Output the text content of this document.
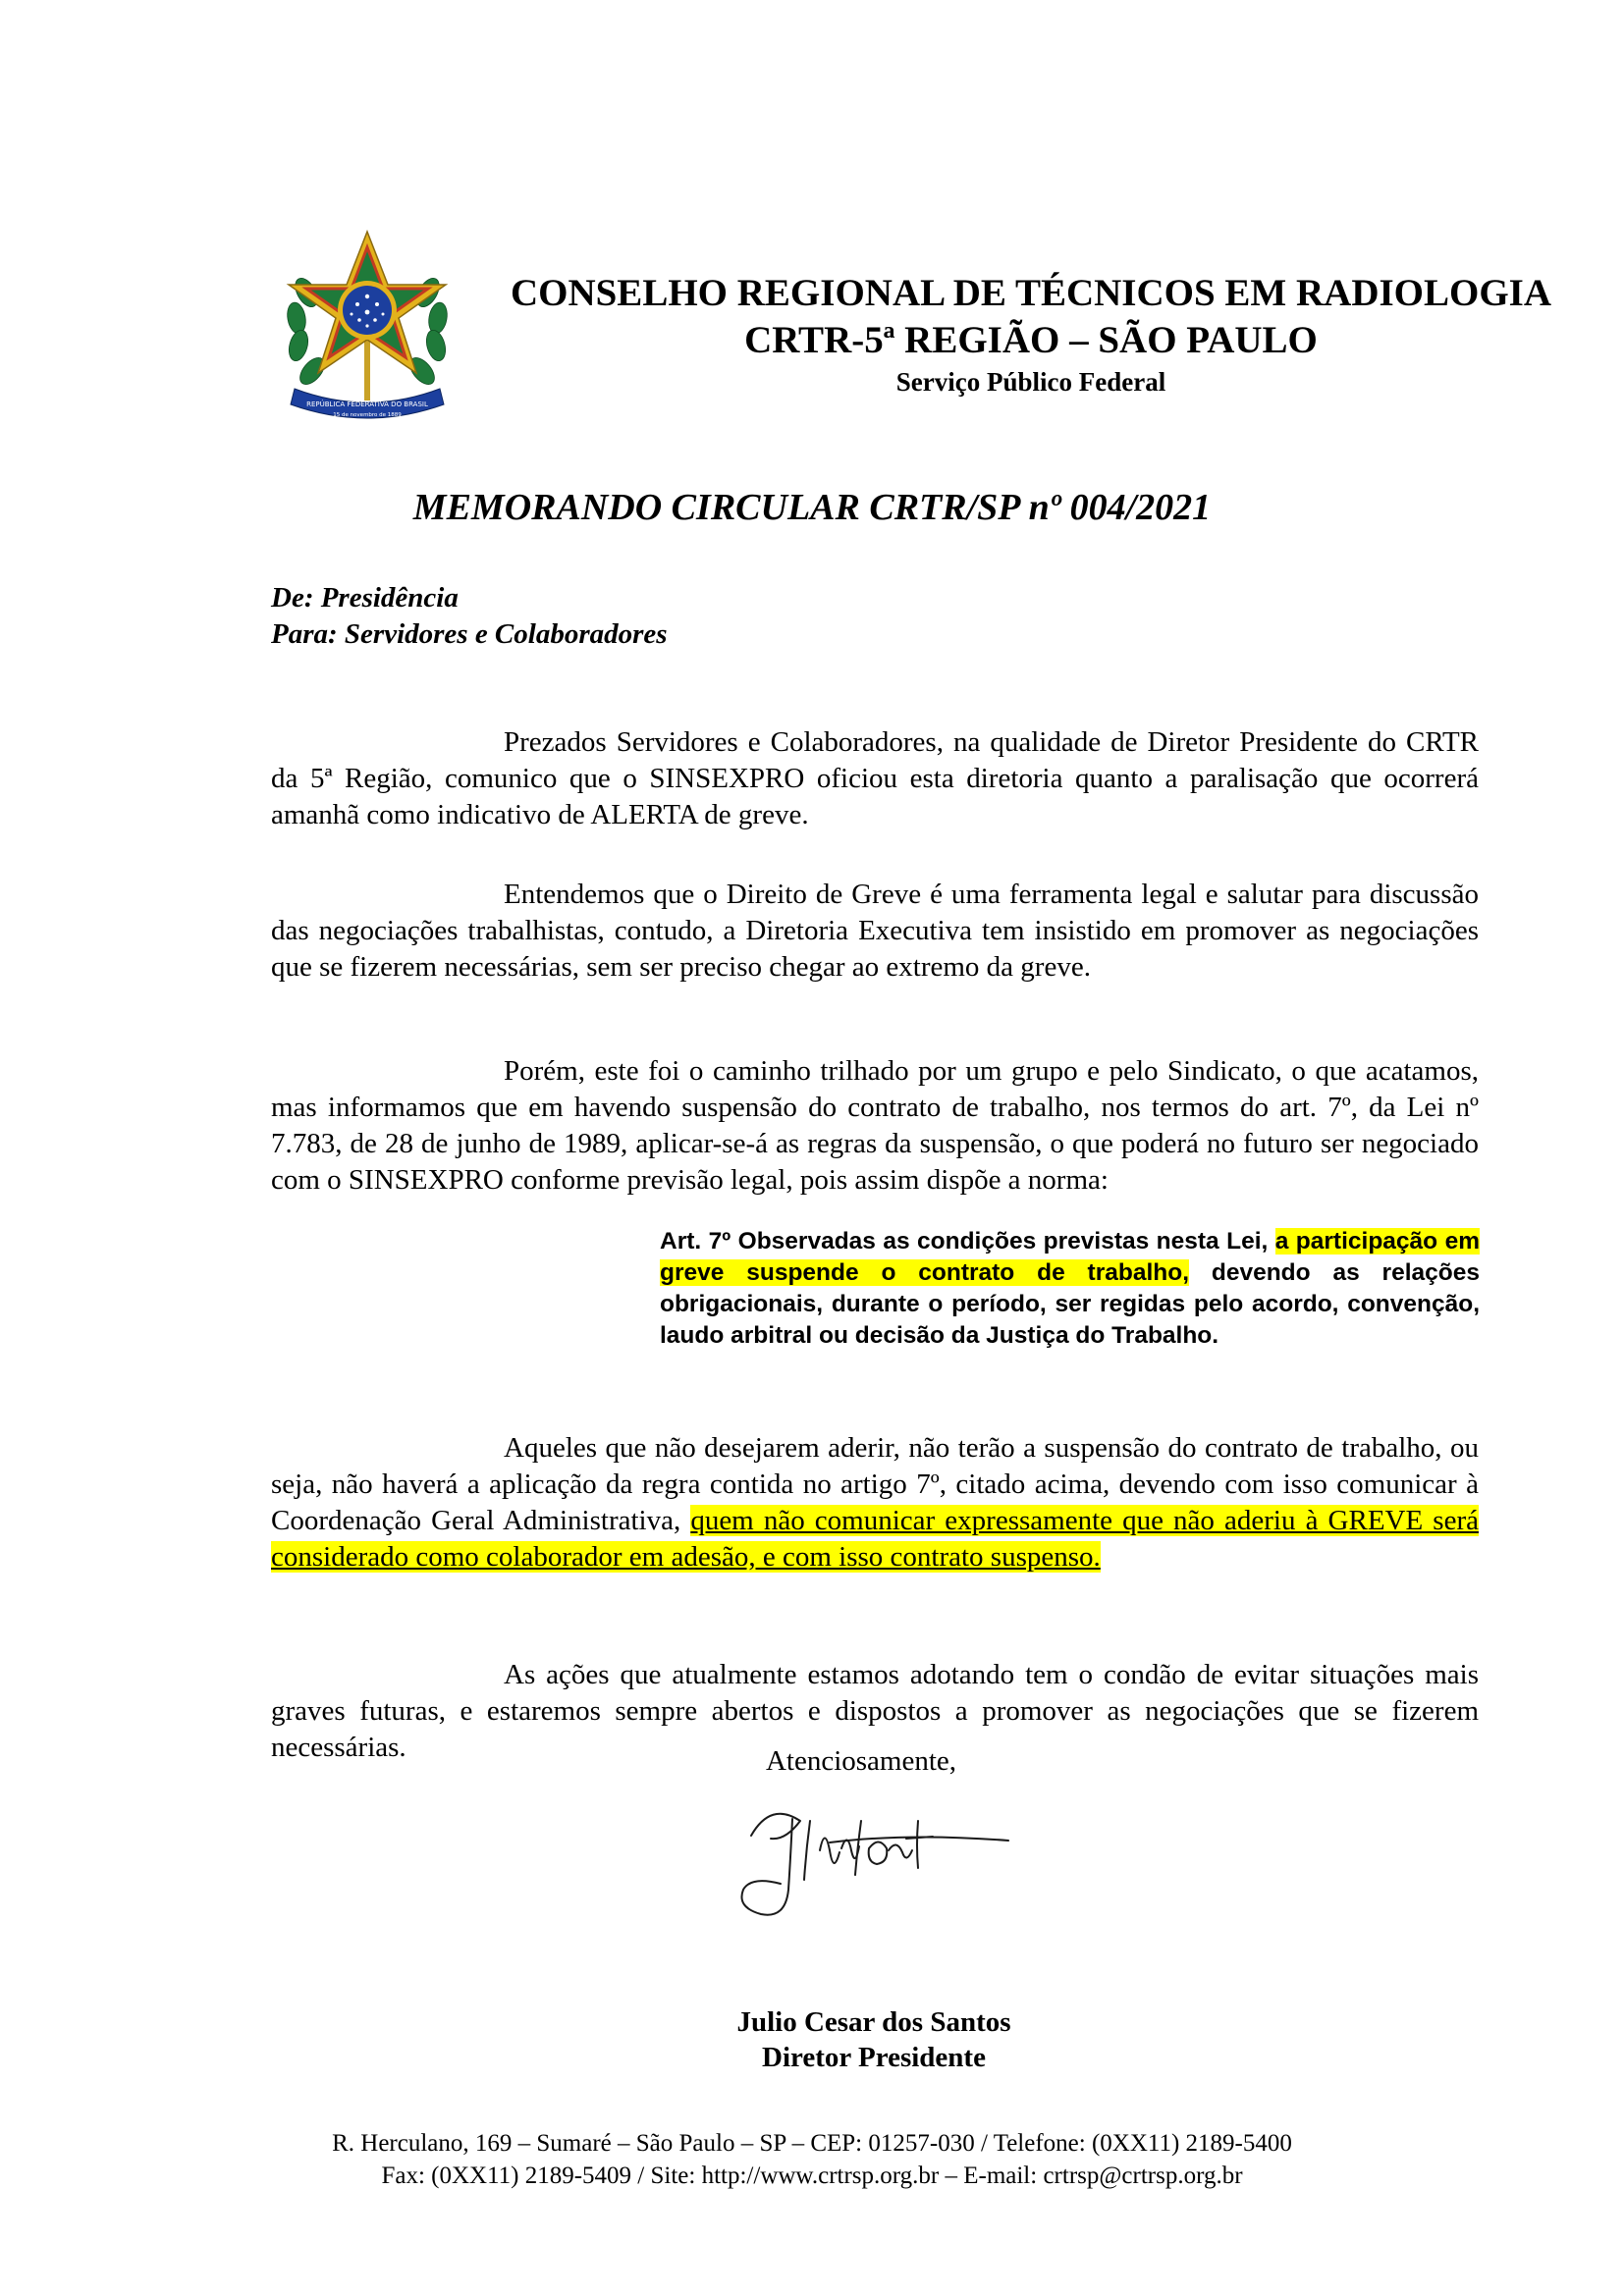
REPÚBLICA FEDERATIVA DO BRASIL
15 de novembro de 1889
CONSELHO REGIONAL DE TÉCNICOS EM RADIOLOGIA
CRTR-5ª REGIÃO – SÃO PAULO
Serviço Público Federal
MEMORANDO CIRCULAR CRTR/SP nº 004/2021
De: Presidência
Para: Servidores e Colaboradores

Prezados Servidores e Colaboradores, na qualidade de Diretor Presidente do CRTR da 5ª Região, comunico que o SINSEXPRO oficiou esta diretoria quanto a paralisação que ocorrerá amanhã como indicativo de ALERTA de greve.

Entendemos que o Direito de Greve é uma ferramenta legal e salutar para discussão das negociações trabalhistas, contudo, a Diretoria Executiva tem insistido em promover as negociações que se fizerem necessárias, sem ser preciso chegar ao extremo da greve.

Porém, este foi o caminho trilhado por um grupo e pelo Sindicato, o que acatamos, mas informamos que em havendo suspensão do contrato de trabalho, nos termos do art. 7º, da Lei nº 7.783, de 28 de junho de 1989, aplicar-se-á as regras da suspensão, o que poderá no futuro ser negociado com o SINSEXPRO conforme previsão legal, pois assim dispõe a norma:

Art. 7º Observadas as condições previstas nesta Lei, a participação em greve suspende o contrato de trabalho, devendo as relações obrigacionais, durante o período, ser regidas pelo acordo, convenção, laudo arbitral ou decisão da Justiça do Trabalho.

Aqueles que não desejarem aderir, não terão a suspensão do contrato de trabalho, ou seja, não haverá a aplicação da regra contida no artigo 7º, citado acima, devendo com isso comunicar à Coordenação Geral Administrativa, quem não comunicar expressamente que não aderiu à GREVE será considerado como colaborador em adesão, e com isso contrato suspenso.

As ações que atualmente estamos adotando tem o condão de evitar situações mais graves futuras, e estaremos sempre abertos e dispostos a promover as negociações que se fizerem necessárias.	Atenciosamente,
Julio Cesar dos Santos
Diretor Presidente
R. Herculano, 169 – Sumaré – São Paulo – SP – CEP: 01257-030 / Telefone: (0XX11) 2189-5400
Fax: (0XX11) 2189-5409 / Site: http://www.crtrsp.org.br – E-mail: crtrsp@crtrsp.org.br
